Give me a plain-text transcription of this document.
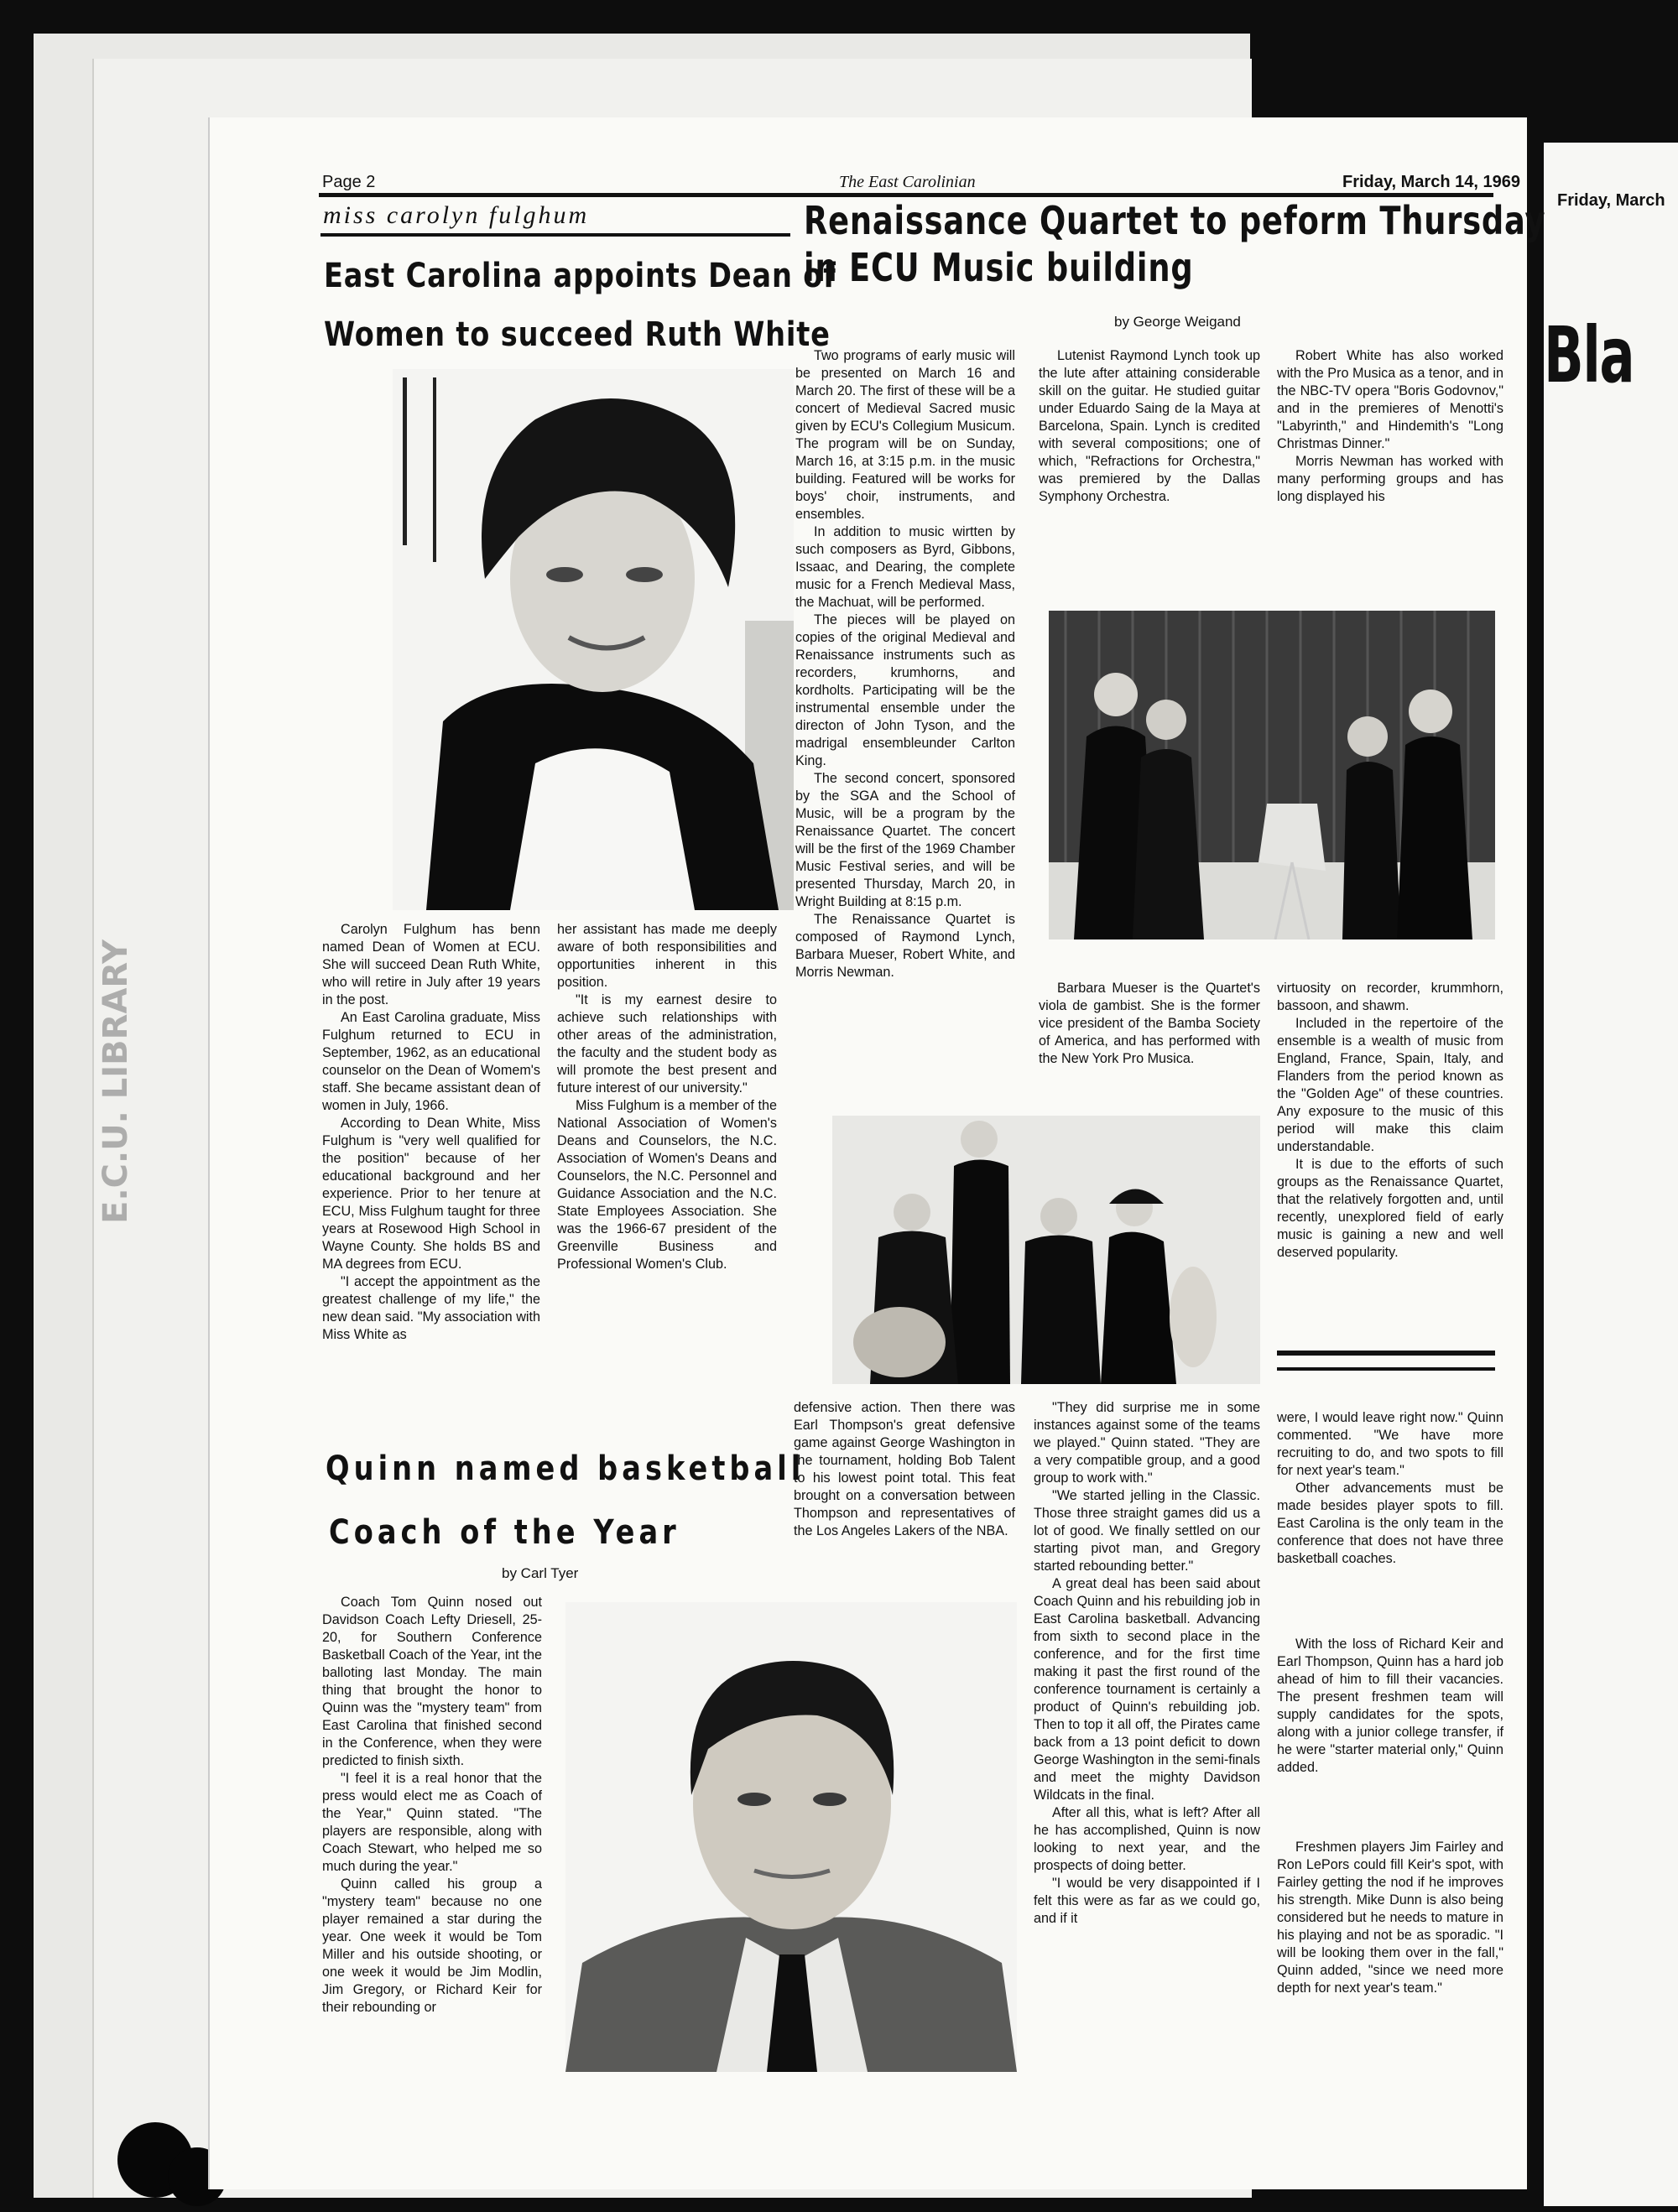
E.C.U. LIBRARY
Friday, March
Bla
Page 2	The East Carolinian	Friday, March 14, 1969
miss carolyn fulghum
East Carolina appoints Dean of
Women to succeed Ruth White

Carolyn Fulghum has benn named Dean of Women at ECU. She will succeed Dean Ruth White, who will retire in July after 19 years in the post.

An East Carolina graduate, Miss Fulghum returned to ECU in September, 1962, as an educational counselor on the Dean of Womem's staff. She became assistant dean of women in July, 1966.

According to Dean White, Miss Fulghum is "very well qualified for the position" because of her educational background and her experience. Prior to her tenure at ECU, Miss Fulghum taught for three years at Rosewood High School in Wayne County. She holds BS and MA degrees from ECU.

"I accept the appointment as the greatest challenge of my life," the new dean said. "My association with Miss White as

her assistant has made me deeply aware of both responsibilities and opportunities inherent in this position.

"It is my earnest desire to achieve such relationships with other areas of the administration, the faculty and the student body as will promote the best present and future interest of our university."

Miss Fulghum is a member of the National Association of Women's Deans and Counselors, the N.C. Association of Women's Deans and Counselors, the N.C. Personnel and Guidance Association and the N.C. State Employees Association. She was the 1966-67 president of the Greenville Business and Professional Women's Club.

Renaissance Quartet to peform Thursday
in ECU Music building
by George Weigand

Two programs of early music will be presented on March 16 and March 20. The first of these will be a concert of Medieval Sacred music given by ECU's Collegium Musicum. The program will be on Sunday, March 16, at 3:15 p.m. in the music building. Featured will be works for boys' choir, instruments, and ensembles.

In addition to music wirtten by such composers as Byrd, Gibbons, Issaac, and Dearing, the complete music for a French Medieval Mass, the Machuat, will be performed.

The pieces will be played on copies of the original Medieval and Renaissance instruments such as recorders, krumhorns, and kordholts. Participating will be the instrumental ensemble under the directon of John Tyson, and the madrigal ensembleunder Carlton King.

The second concert, sponsored by the SGA and the School of Music, will be a program by the Renaissance Quartet. The concert will be the first of the 1969 Chamber Music Festival series, and will be presented Thursday, March 20, in Wright Building at 8:15 p.m.

The Renaissance Quartet is composed of Raymond Lynch, Barbara Mueser, Robert White, and Morris Newman.

Lutenist Raymond Lynch took up the lute after attaining considerable skill on the guitar. He studied guitar under Eduardo Saing de la Maya at Barcelona, Spain. Lynch is credited with several compositions; one of which, "Refractions for Orchestra," was premiered by the Dallas Symphony Orchestra.

Robert White has also worked with the Pro Musica as a tenor, and in the NBC-TV opera "Boris Godovnov," and in the premieres of Menotti's "Labyrinth," and Hindemith's "Long Christmas Dinner."

Morris Newman has worked with many performing groups and has long displayed his

Barbara Mueser is the Quartet's viola de gambist. She is the former vice president of the Bamba Society of America, and has performed with the New York Pro Musica.

virtuosity on recorder, krummhorn, bassoon, and shawm.

Included in the repertoire of the ensemble is a wealth of music from England, France, Spain, Italy, and Flanders from the period known as the "Golden Age" of these countries. Any exposure to the music of this period will make this claim understandable.

It is due to the efforts of such groups as the Renaissance Quartet, that the relatively forgotten and, until recently, unexplored field of early music is gaining a new and well deserved popularity.

Quinn named basketball
Coach of the Year
by Carl Tyer

Coach Tom Quinn nosed out Davidson Coach Lefty Driesell, 25-20, for Southern Conference Basketball Coach of the Year, int the balloting last Monday. The main thing that brought the honor to Quinn was the "mystery team" from East Carolina that finished second in the Conference, when they were predicted to finish sixth.

"I feel it is a real honor that the press would elect me as Coach of the Year," Quinn stated. "The players are responsible, along with Coach Stewart, who helped me so much during the year."

Quinn called his group a "mystery team" because no one player remained a star during the year. One week it would be Tom Miller and his outside shooting, or one week it would be Jim Modlin, Jim Gregory, or Richard Keir for their rebounding or

defensive action. Then there was Earl Thompson's great defensive game against George Washington in the tournament, holding Bob Talent to his lowest point total. This feat brought on a conversation between Thompson and representatives of the Los Angeles Lakers of the NBA.

"They did surprise me in some instances against some of the teams we played." Quinn stated. "They are a very compatible group, and a good group to work with."

"We started jelling in the Classic. Those three straight games did us a lot of good. We finally settled on our starting pivot man, and Gregory started rebounding better."

A great deal has been said about Coach Quinn and his rebuilding job in East Carolina basketball. Advancing from sixth to second place in the conference, and for the first time making it past the first round of the conference tournament is certainly a product of Quinn's rebuilding job. Then to top it all off, the Pirates came back from a 13 point deficit to down George Washington in the semi-finals and meet the mighty Davidson Wildcats in the final.

After all this, what is left? After all he has accomplished, Quinn is now looking to next year, and the prospects of doing better.

"I would be very disappointed if I felt this were as far as we could go, and if it

were, I would leave right now." Quinn commented. "We have more recruiting to do, and two spots to fill for next year's team."

Other advancements must be made besides player spots to fill. East Carolina is the only team in the conference that does not have three basketball coaches.

With the loss of Richard Keir and Earl Thompson, Quinn has a hard job ahead of him to fill their vacancies. The present freshmen team will supply candidates for the spots, along with a junior college transfer, if he were "starter material only," Quinn added.

Freshmen players Jim Fairley and Ron LePors could fill Keir's spot, with Fairley getting the nod if he improves his strength. Mike Dunn is also being considered but he needs to mature in his playing and not be as sporadic. "I will be looking them over in the fall," Quinn added, "since we need more depth for next year's team."
